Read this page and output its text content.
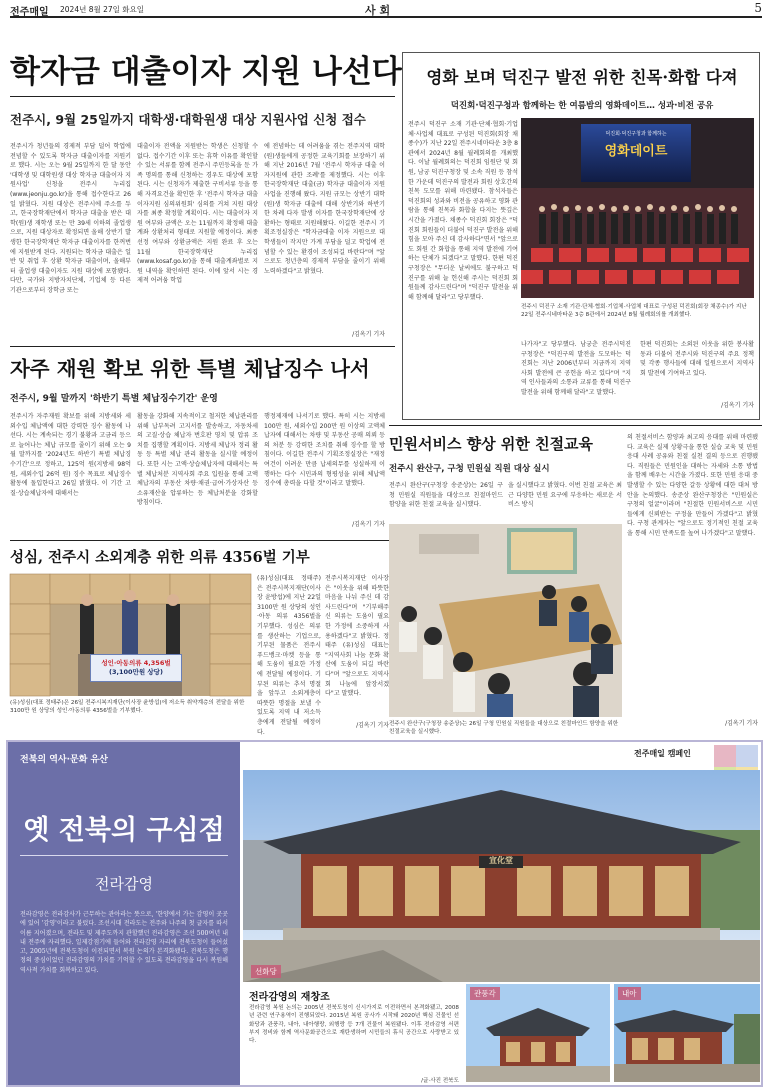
전주매일 2024년 8월 27일 화요일	사 회	5
학자금 대출이자 지원 나선다
전주시, 9월 25일까지 대학생·대학원생 대상 지원사업 신청 접수
전주시가 청년들의 경제적 부담 덜어 학업에 전념할 수 있도록 학자금 대출이자를 지원키로 했다. 시는 오는 9월 25일까지 한 달 동안 '대학생 및 대학원생 대상 학자금 대출이자 지원사업' 신청을 전주시 누리집(www.jeonju.go.kr)을 통해 접수한다고 26일 밝혔다. 지원 대상은 전주시에 주소를 두고, 한국장학재단에서 학자금 대출을 받은 대학(원)생 재학생 또는 만 39세 이하의 졸업생으로, 지원 대상자로 확정되면 올해 상반기 발생한 한국장학재단 학자금 대출이자를 한꺼번에 지원받게 된다. 지원되는 학자금 대출은 일반 및 취업 후 상환 학자금 대출이며, 올해부터 졸업생 대출이자도 지원 대상에 포함됐다. 다만, 국가와 지방자치단체, 기업체 등 다른 기관으로부터 장학금 또는
대출이자 전액을 지원받는 학생은 신청할 수 없다. 접수기간 이후 또는 휴학 이유를 확인할 수 있는 서류를 함께 전주시 주민등록을 둔 가족 명의를 통해 신청하는 경우도 대상에 포함된다. 시는 신청자가 제출한 구비서류 등을 통해 자격요건을 확인한 후 '전주시 학자금 대출 이자지원 심의위원회' 심의를 거쳐 지원 대상자를 최종 확정할 계획이다. 시는 대출이자 지원 여부와 금액은 오는 11월까지 확정해 대출계좌 상환처리 형태로 지원할 예정이다. 최종 선정 여부와 상환금액은 지원 완료 후 오는 11월 한국장학재단 누리집(www.kosaf.go.kr)을 통해 대출계좌별로 지원 내역을 확인하면 된다. 이에 앞서 시는 경제적 어려움 학업
에 전념하는 데 어려움을 겪는 전주지역 대학(원)생들에게 공정한 교육기회를 보장하기 위해 지난 2016년 7월 '전주시 학자금 대출 이자지원에 관한 조례'를 제정했다. 시는 이후 한국장학재단 대출(금) 학자금 대출이자 지원사업을 진행해 왔다. 지원 규모는 상반기 대학(원)생 학자금 대출에 대해 상반기와 하반기 한 차례 다자 발생 이자를 한국장학재단에 상환하는 형태로 지원해왔다. 이길한 전주시 기획조정실장은 "학자금대출 이자 지원으로 대학생들이 작지만 가계 부담을 덜고 학업에 전념할 수 있는 환경이 조성되길 바란다"며 "앞으로도 청년층의 경제적 부담을 줄이기 위해 노력하겠다"고 밝혔다.
/김옥기 기자
영화 보며 덕진구 발전 위한 친목·화합 다져
덕진회·덕진구청과 함께하는 한 여름밤의 영화데이트… 성과·비전 공유
전주시 덕진구 소재 기관·단체·협회·기업체·사업체 대표로 구성된 덕진회(회장 채종수)가 지난 22일 전주시네마타운 3층 8관에서 2024년 8월 월례회의를 개최했다. 이날 월례회의는 덕진회 임원단 및 회원, 남궁 덕진구청장 및 소속 직원 등 참석한 가운데 덕진구의 발전과 회원 상호간의 친목 도모를 위해 마련됐다. 참석자들은 덕진회의 성과와 비전을 공유하고 영화 관람을 통해 친목과 화합을 다지는 뜻깊은 시간을 가졌다. 채종수 덕진회 회장은 "덕진회 회원들이 더불어 덕진구 발전을 위해 힘을 모아 주신 데 감사하다"면서 "앞으로도 회원 간 화합을 통해 지역 발전에 기여하는 단체가 되겠다"고 말했다. 한편 덕진구청장은 "무더운 날씨에도 불구하고 덕진구를 위해 늘 헌신해 주시는 덕진회 회원들께 감사드린다"며 "덕진구 발전을 위해 함께해 달라"고 당부했다.
덕진회·덕진구청과 함께하는
영화데이트
전주시 덕진구 소재 기관·단체·협회·기업체·사업체 대표로 구성된 덕진회(회장 채종수)가 지난 22일 전주시네마타운 3층 8관에서 2024년 8월 월례회의를 개최했다.
나가자"고 당부했다. 남궁춘 전주시덕진구청장은 "덕진구의 발전을 도모하는 덕진회는 지난 2006년부터 지금까지 지역사회 발전에 큰 공헌을 하고 있다"며 "지역 인사들과의 소통과 교류를 통해 덕진구 발전을 위해 함께해 달라"고 말했다.
한편 덕진회는 소외된 이웃을 위한 봉사활동과 더불어 전주시와 덕진구의 주요 정책 및 각종 행사들에 대해 일원으로서 지역사회 발전에 기여하고 있다.
/김옥기 기자
자주 재원 확보 위한 특별 체납징수 나서
전주시, 9월 말까지 '하반기 특별 체납징수기간' 운영
전주시가 자주재원 확보를 위해 지방세와 세외수입 체납액에 대한 강력한 징수 활동에 나선다. 시는 계속되는 경기 불황과 고금리 등으로 늘어나는 체납 규모를 줄이기 위해 오는 9월 말까지를 '2024년도 하반기 특별 체납징수기간'으로 정하고, 125억 원(지방세 98억 원, 세외수입 26억 원) 징수 목표로 체납징수 활동에 돌입한다고 26일 밝혔다. 이 기간 고질·상습체납자에 대해서는
활동을 강화해 지속적이고 철저한 체납관리를 위해 납부독려 고지서를 발송하고, 자동차세의 고질·상습 체납자 번호판 영치 및 압류 조치를 집행할 계획이다. 지방세 체납자 정리 활동 등 특별 체납 관리 활동을 실시할 예정이다. 또한 시는 고액·상습체납자에 대해서는 특별 체납처분 지역사회 주요 입원을 통해 고액체납자의 부동산 차량·채권·급여·가상자산 등 소유재산을 압류하는 등 체납처분을 강화할 방침이다.
행정제재에 나서기로 했다. 특히 시는 지방세 100만 원, 세외수입 200만 원 이상의 고액체납자에 대해서는 차량 및 부동산 공매 의뢰 등의 처분 등 강력한 조치를 취해 징수를 할 방침이다. 이길한 전주시 기획조정실장은 "재정여건이 어려운 만큼 납세의무를 성실하게 이행하는 다수 시민과의 형평성을 위해 체납액 징수에 총력을 다할 것"이라고 말했다.
/김옥기 기자
성심, 전주시 소외계층 위한 의류 4356벌 기부
성인·아동의류 4,356벌
(3,100만원 상당)
(유)성심(대표 정태주)은 26일 전주시복지재단(이사장 윤방섭)에 저소득 취약계층의 전달을 위한 3100만 원 상당의 성인·아동의류 4356벌을 기부했다.
(유)성심(대표 정태주)은 전주시복지재단(이사장 윤방섭)에 지난 22일 3100만 원 상당의 성인·아동 의류 4356벌을 기부했다. 성심은 의류를 생산하는 기업으로, 기부된 물품은 전주시 푸드뱅크·마켓 등을 통해 도움이 필요한 가정에 전달될 예정이다. 기부된 의류는 추석 명절을 앞두고 소외계층이 따뜻한 명절을 보낼 수 있도록 지역 내 저소득층에게 전달될 예정이다.
전주시복지재단 이사장은 "이웃을 위해 따뜻한 마음을 나눠 주신 데 감사드린다"며 "기부해주신 의류는 도움이 필요한 가정에 소중하게 사용하겠다"고 밝혔다. 정태주 (유)성심 대표는 "지역사회 나눔 문화 확산에 도움이 되길 바란다"며 "앞으로도 지역사회 나눔에 앞장서겠다"고 말했다.
/김옥기 기자
민원서비스 향상 위한 친절교육
전주시 완산구, 구청 민원실 직원 대상 실시
전주시 완산구(구청장 송준상)는 26일 구청 민원실 직원들을 대상으로 친절마인드 함양을 위한 친절 교육을 실시했다.
을 실시했다고 밝혔다. 이번 친절 교육은 최근 다양한 민원 요구에 부응하는 새로운 서비스 방식
의 친절서비스 함양과 최고의 응대를 위해 마련됐다. 교육은 실제 상황극을 통한 실습 교육 및 민원 응대 사례 공유와 친절 실천 결의 등으로 진행됐다. 직원들은 민원인을 대하는 자세와 소통 방법을 함께 배우는 시간을 가졌다. 또한 민원 응대 중 발생할 수 있는 다양한 갈등 상황에 대한 대처 방안을 논의했다. 송준상 완산구청장은 "민원실은 구청의 얼굴"이라며 "친절한 민원서비스로 시민들에게 신뢰받는 구정을 만들어 가겠다"고 밝혔다. 구청 관계자는 "앞으로도 정기적인 친절 교육을 통해 시민 만족도를 높여 나가겠다"고 말했다.
/김옥기 기자
전주시 완산구(구청장 송준상)는 26일 구청 민원실 직원들을 대상으로 친절마인드 함양을 위한 친절교육을 실시했다.
전북의 역사·문화 유산
옛 전북의 구심점
전라감영
전라감영은 전라감사가 근무하는 관아라는 뜻으로, '한양에서 가는 감영이 곳곳에 있어 '감영'이라고 불렀다. 조선시대 전라도는 전주와 나주의 첫 글자를 따서 이름 지어졌으며, 전라도 및 제주도까지 관할했던 전라감영은 조선 500여년 내내 전주에 자리했다. 일제강점기에 들어와 전라감영 자리에 전북도청이 들어섰고, 2005년에 전북도청이 이전되면서 복원 논의가 본격화됐다. 전북도청은 행정의 중심이었던 전라감영의 가치를 기억할 수 있도록 전라감영을 다시 복원해 역사적 가치를 회복하고 있다.
전주매일 캠페인
宣化堂
선화당
전라감영의 재창조
전라감영 복원 논의는 2005년 전북도청이 신시가지로 이전하면서 본격화됐고, 2008년 관련 연구용역이 진행되었다. 2015년 복원 공사가 시작돼 2020년 핵심 건물인 선화당과 관풍각, 내아, 내아행랑, 외행랑 등 7개 건물이 복원됐다. 이후 전라감영 서편 부지 정비와 함께 역사문화공간으로 재탄생하며 시민들의 휴식 공간으로 사랑받고 있다.
/글·사진 전북도
관풍각	내아
